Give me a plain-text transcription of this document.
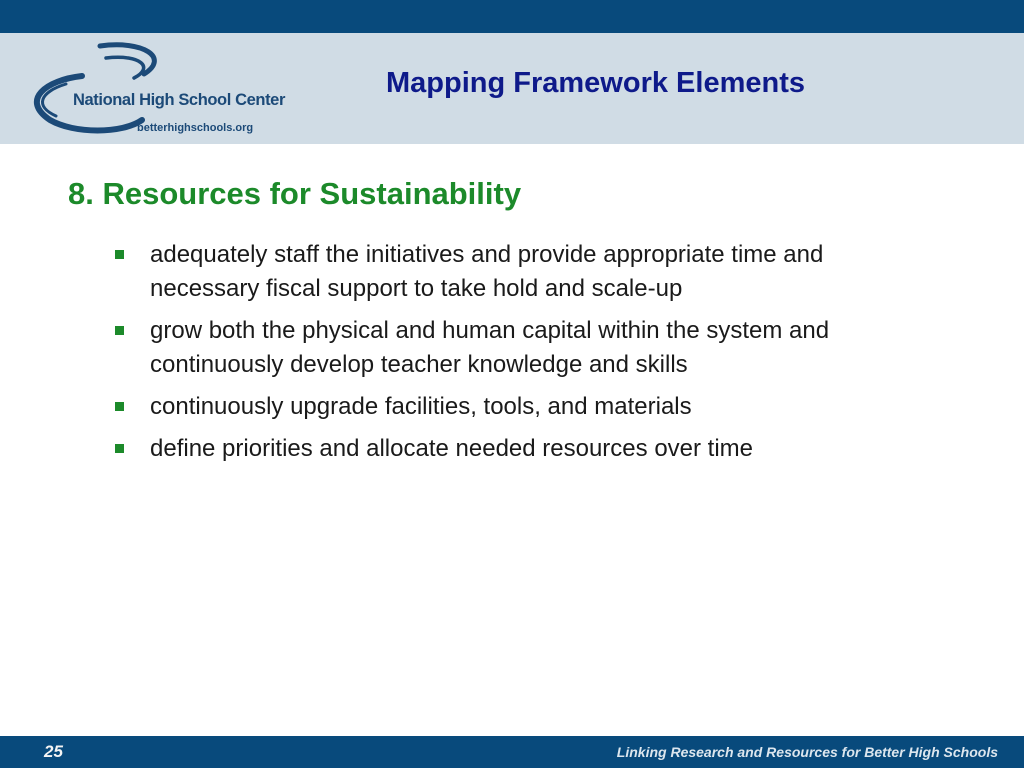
National High School Center
betterhighschools.org
Mapping Framework Elements
8. Resources for Sustainability
adequately staff the initiatives and provide appropriate time and necessary fiscal support to take hold and scale-up
grow both the physical and human capital within the system and continuously develop teacher knowledge and skills
continuously upgrade facilities, tools, and materials
define priorities and allocate needed resources over time
25	Linking Research and Resources for Better High Schools
